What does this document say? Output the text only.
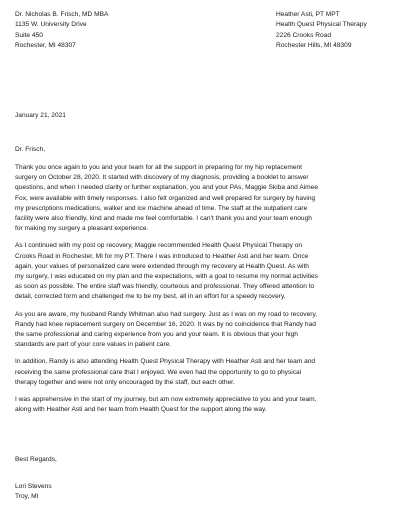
Dr. Nicholas B. Frisch, MD MBA
1135 W. University Drive
Suite 450
Rochester, MI 48307
Heather Asti, PT MPT
Health Quest Physical Therapy
2226 Crooks Road
Rochester Hills, MI 48309
January 21, 2021
Dr. Frisch,
Thank you once again to you and your team for all the support in preparing for my hip replacement
surgery on October 28, 2020. It started with discovery of my diagnosis, providing a booklet to answer
questions, and when I needed clarity or further explanation, you and your PAs, Maggie Skiba and Aimee
Fox, were available with timely responses. I also felt organized and well prepared for surgery by having
my prescriptions medications, walker and ice machine ahead of time. The staff at the outpatient care
facility were also friendly, kind and made me feel comfortable. I can't thank you and your team enough
for making my surgery a pleasant experience.
As I continued with my post op recovery, Maggie recommended Health Quest Physical Therapy on
Crooks Road in Rochester, MI for my PT. There I was introduced to Heather Asti and her team. Once
again, your values of personalized care were extended through my recovery at Health Quest. As with
my surgery, I was educated on my plan and the expectations, with a goal to resume my normal activities
as soon as possible. The entire staff was friendly, courteous and professional. They offered attention to
detail, corrected form and challenged me to be my best, all in an effort for a speedy recovery.
As you are aware, my husband Randy Whitman also had surgery. Just as I was on my road to recovery,
Randy had knee replacement surgery on December 16, 2020. It was by no coincidence that Randy had
the same professional and caring experience from you and your team. It is obvious that your high
standards are part of your core values in patient care.
In addition, Randy is also attending Health Quest Physical Therapy with Heather Asti and her team and
receiving the same professional care that I enjoyed. We even had the opportunity to go to physical
therapy together and were not only encouraged by the staff, but each other.
I was apprehensive in the start of my journey, but am now extremely appreciative to you and your team,
along with Heather Asti and her team from Health Quest for the support along the way.
Best Regards,
Lori Stevens
Troy, MI
